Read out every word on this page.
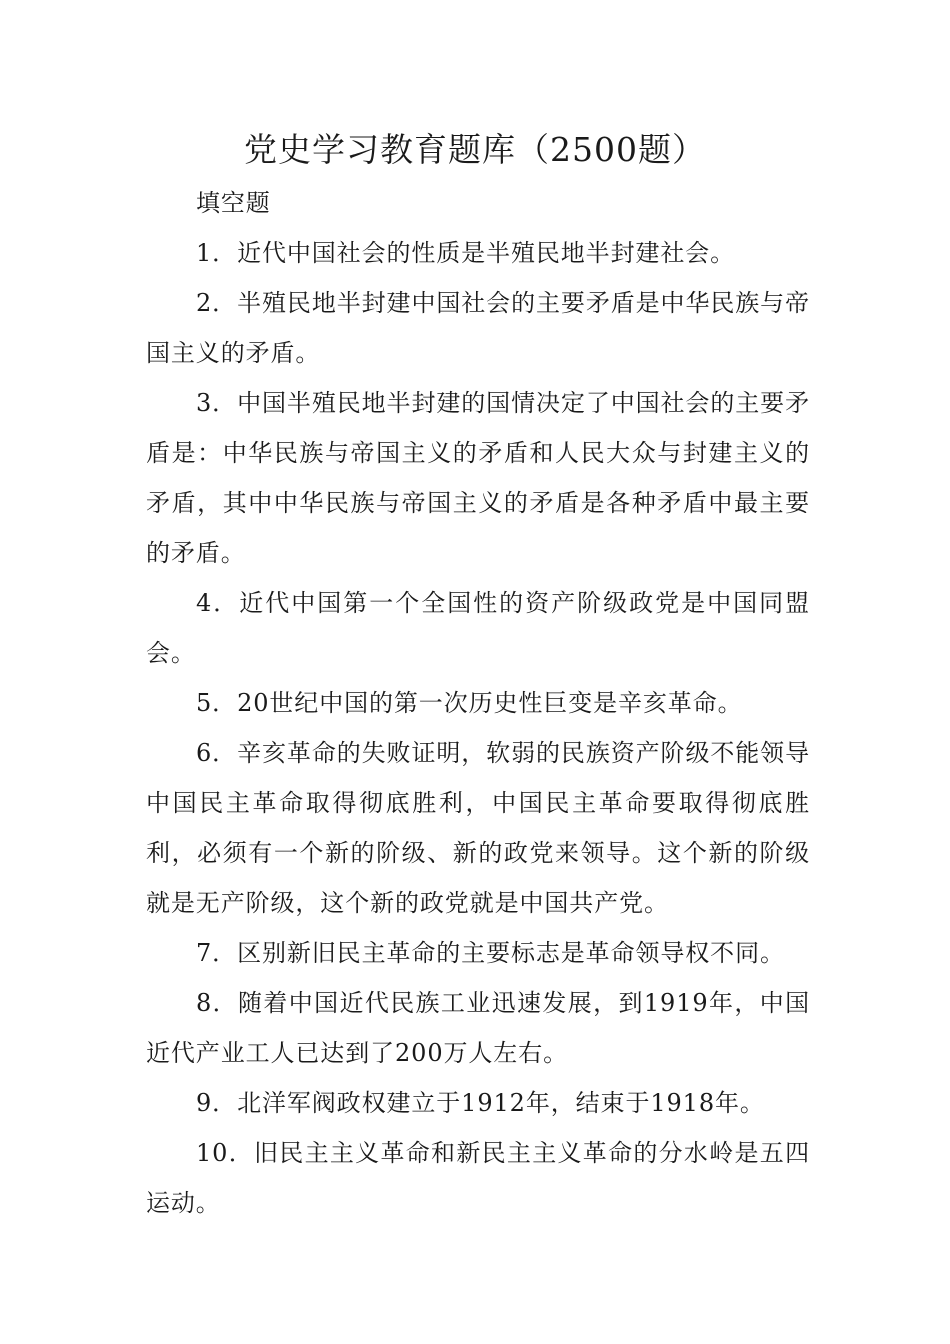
党史学习教育题库（2500题）

填空题

1．近代中国社会的性质是半殖民地半封建社会。

2．半殖民地半封建中国社会的主要矛盾是中华民族与帝国主义的矛盾。

3．中国半殖民地半封建的国情决定了中国社会的主要矛盾是：中华民族与帝国主义的矛盾和人民大众与封建主义的矛盾，其中中华民族与帝国主义的矛盾是各种矛盾中最主要的矛盾。

4．近代中国第一个全国性的资产阶级政党是中国同盟会。

5．20世纪中国的第一次历史性巨变是辛亥革命。

6．辛亥革命的失败证明，软弱的民族资产阶级不能领导中国民主革命取得彻底胜利，中国民主革命要取得彻底胜利，必须有一个新的阶级、新的政党来领导。这个新的阶级就是无产阶级，这个新的政党就是中国共产党。

7．区别新旧民主革命的主要标志是革命领导权不同。

8．随着中国近代民族工业迅速发展，到1919年，中国近代产业工人已达到了200万人左右。

9．北洋军阀政权建立于1912年，结束于1918年。

10．旧民主主义革命和新民主主义革命的分水岭是五四运动。
